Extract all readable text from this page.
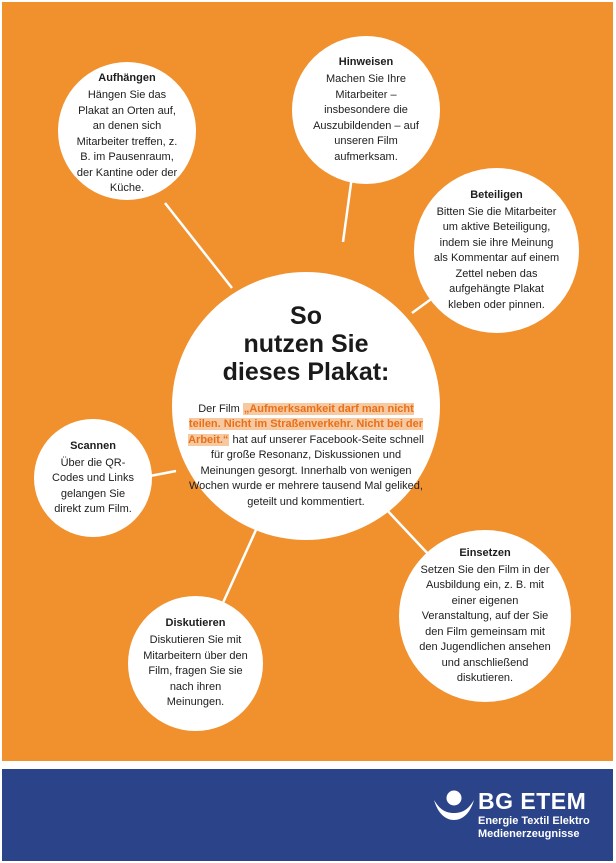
Aufhängen

Hängen Sie das Plakat an Orten auf, an denen sich Mitarbeiter treffen, z. B. im Pausenraum, der Kantine oder der Küche.

Hinweisen

Machen Sie Ihre Mitarbeiter – insbesondere die Auszubildenden – auf unseren Film aufmerksam.

Beteiligen

Bitten Sie die Mitarbeiter um aktive Beteiligung, indem sie ihre Meinung als Kommentar auf einem Zettel neben das aufgehängte Plakat kleben oder pinnen.

So
nutzen Sie
dieses Plakat:

Der Film „Aufmerksamkeit darf man nicht teilen. Nicht im Straßenverkehr. Nicht bei der Arbeit.“ hat auf unserer Facebook-Seite schnell für große Resonanz, Diskussionen und Meinungen gesorgt. Innerhalb von wenigen Wochen wurde er mehrere tausend Mal geliked, geteilt und kommentiert.

Scannen

Über die QR-Codes und Links gelangen Sie direkt zum Film.

Einsetzen

Setzen Sie den Film in der Ausbildung ein, z. B. mit einer eigenen Veranstaltung, auf der Sie den Film gemeinsam mit den Jugendlichen ansehen und anschließend diskutieren.

Diskutieren

Diskutieren Sie mit Mitarbeitern über den Film, fragen Sie sie nach ihren Meinungen.

BG ETEM
Energie Textil Elektro
Medienerzeugnisse
